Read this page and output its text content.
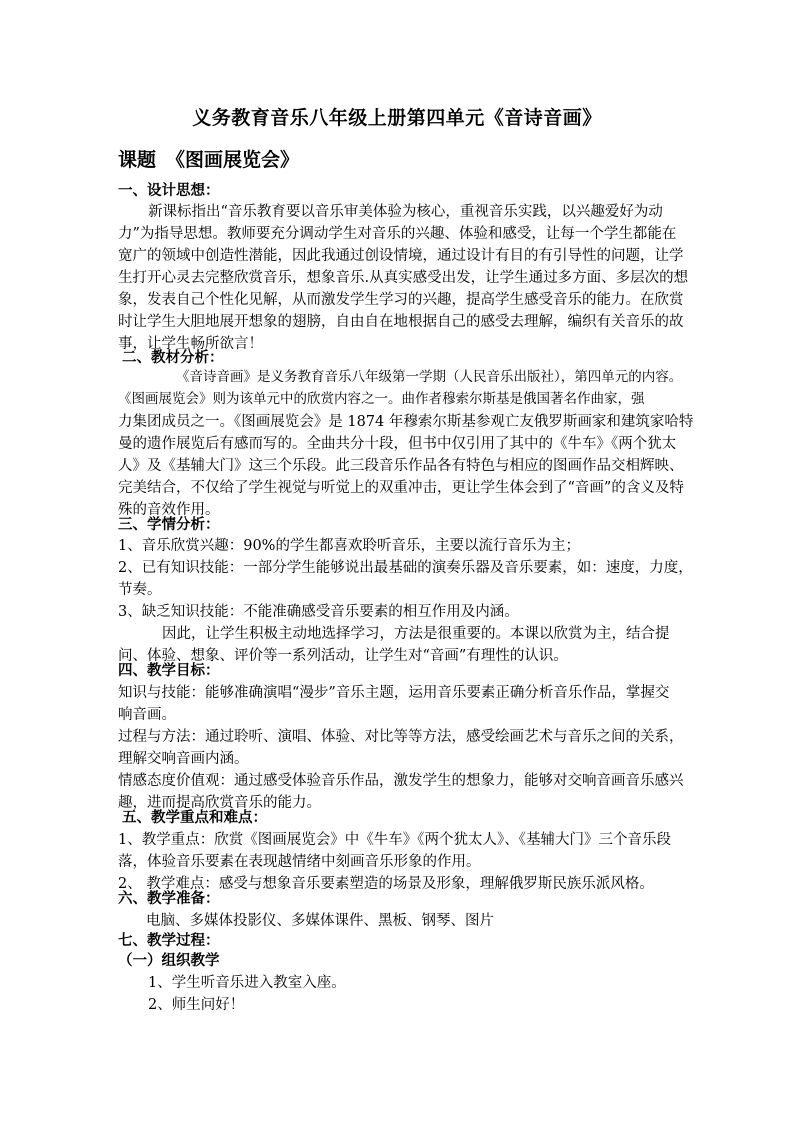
义务教育音乐八年级上册第四单元《音诗音画》
课题 《图画展览会》
一、设计思想：
新课标指出“音乐教育要以音乐审美体验为核心，重视音乐实践，以兴趣爱好为动
力”为指导思想。教师要充分调动学生对音乐的兴趣、体验和感受，让每一个学生都能在
宽广的领域中创造性潜能，因此我通过创设情境，通过设计有目的有引导性的问题，让学
生打开心灵去完整欣赏音乐，想象音乐.从真实感受出发，让学生通过多方面、多层次的想
象，发表自己个性化见解，从而激发学生学习的兴趣，提高学生感受音乐的能力。在欣赏
时让学生大胆地展开想象的翅膀，自由自在地根据自己的感受去理解，编织有关音乐的故
事，让学生畅所欲言！
二、教材分析：
《音诗音画》是义务教育音乐八年级第一学期（人民音乐出版社），第四单元的内容。
《图画展览会》则为该单元中的欣赏内容之一。曲作者穆索尔斯基是俄国著名作曲家，强
力集团成员之一。《图画展览会》是 1874 年穆索尔斯基参观亡友俄罗斯画家和建筑家哈特
曼的遗作展览后有感而写的。全曲共分十段，但书中仅引用了其中的《牛车》《两个犹太
人》及《基辅大门》这三个乐段。此三段音乐作品各有特色与相应的图画作品交相辉映、
完美结合，不仅给了学生视觉与听觉上的双重冲击，更让学生体会到了“音画”的含义及特
殊的音效作用。
三、学情分析：
1、音乐欣赏兴趣：90%的学生都喜欢聆听音乐，主要以流行音乐为主；
2、已有知识技能：一部分学生能够说出最基础的演奏乐器及音乐要素，如：速度，力度，
节奏。
3、缺乏知识技能：不能准确感受音乐要素的相互作用及内涵。
因此，让学生积极主动地选择学习，方法是很重要的。本课以欣赏为主，结合提
问、体验、想象、评价等一系列活动，让学生对“音画”有理性的认识。
四、教学目标：
知识与技能：能够准确演唱“漫步”音乐主题，运用音乐要素正确分析音乐作品，掌握交
响音画。
过程与方法：通过聆听、演唱、体验、对比等等方法，感受绘画艺术与音乐之间的关系，
理解交响音画内涵。
情感态度价值观：通过感受体验音乐作品，激发学生的想象力，能够对交响音画音乐感兴
趣，进而提高欣赏音乐的能力。
五、教学重点和难点：
1、教学重点：欣赏《图画展览会》中《牛车》《两个犹太人》、《基辅大门》三个音乐段
落，体验音乐要素在表现越情绪中刻画音乐形象的作用。
2、 教学难点：感受与想象音乐要素塑造的场景及形象，理解俄罗斯民族乐派风格。
六、教学准备：
电脑、多媒体投影仪、多媒体课件、黑板、钢琴、图片
七、教学过程：
（一）组织教学
1、学生听音乐进入教室入座。
2、师生问好！
